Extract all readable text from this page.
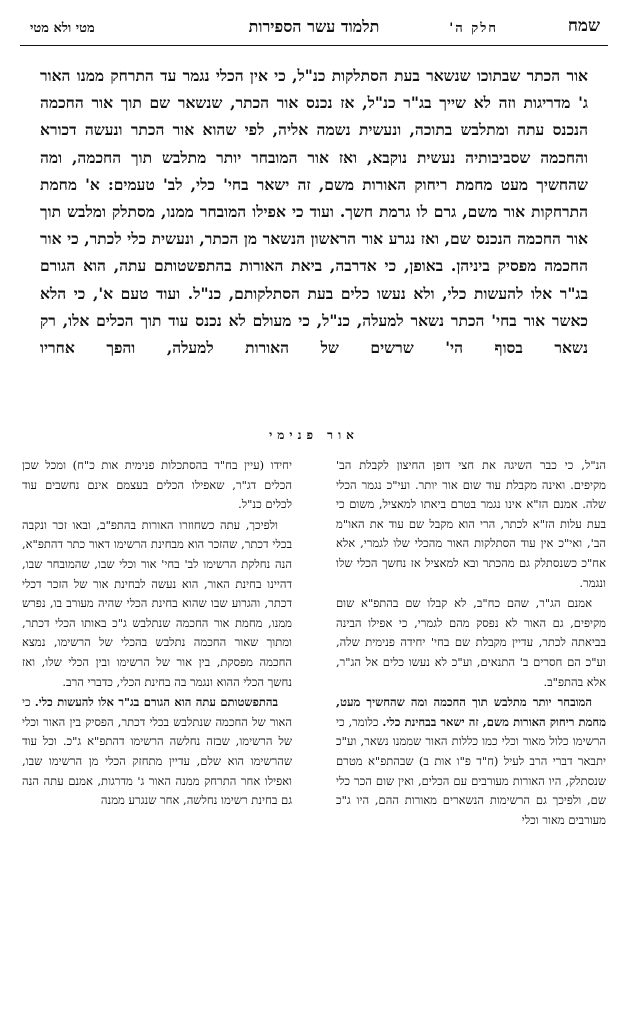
שמח
חלק ה'
תלמוד עשר הספירות
מטי ולא מטי
אור הכתר שבתוכו שנשאר בעת הסתלקות כנ"ל, כי אין הכלי נגמר עד התרחק ממנו האור ג' מדריגות וזה לא שייך בג"ר כנ"ל, אז נכנס אור הכתר, שנשאר שם תוך אור החכמה הנכנס עתה ומתלבש בתוכה, ונעשית נשמה אליה, לפי שהוא אור הכתר ונעשה דכורא והחכמה שסביבותיה נעשית נוקבא, ואז אור המובחר יותר מתלבש תוך החכמה, ומה שהחשיך מעט מחמת ריחוק האורות משם, זה ישאר בחי' כלי, לב' טעמים: א' מחמת התרחקות אור משם, גרם לו גרמת חשך. ועוד כי אפילו המובחר ממנו, מסתלק ומלבש תוך אור החכמה הנכנס שם, ואז נגרע אור הראשון הנשאר מן הכתר, ונעשית כלי לכתר, כי אור החכמה מפסיק ביניהן. באופן, כי אדרבה, ביאת האורות בהתפשטותם עתה, הוא הגורם בג"ר אלו להעשות כלי, ולא נעשו כלים בעת הסתלקותם, כנ"ל. ועוד טעם א', כי הלא כאשר אור בחי' הכתר נשאר למעלה, כנ"ל, כי מעולם לא נכנס עוד תוך הכלים אלו, רק נשאר בסוף הי' שרשים של האורות למעלה, והפך אחריו
אור פנימי

הנ"ל, כי כבר השיגה את חצי דופן החיצון לקבלת הב' מקיפים. ואינה מקבלת עוד שום אור יותר. ועי"כ נגמר הכלי שלה. אמנם הז"א אינו נגמר בטרם ביאתו למאציל, משום כי בעת עלות הז"א לכתר, הרי הוא מקבל שם עוד את האו"מ הב', ואי"כ אין עוד הסתלקות האור מהכלי שלו לגמרי, אלא אח"כ כשנסתלק גם מהכתר ובא למאציל אז נחשך הכלי שלו ונגמר.

אמנם הג"ר, שהם כח"ב, לא קבלו שם בהתפ"א שום מקיפים, גם האור לא נפסק מהם לגמרי, כי אפילו הבינה בביאתה לכתר, עדיין מקבלת שם בחי' יחידה פנימית שלה, וע"כ הם חסרים ב' התנאים, וע"כ לא נעשו כלים אל הג"ר, אלא בהתפ"ב.

המובחר יותר מתלבש תוך החכמה ומה שהחשיך מעט, מחמת ריחוק האורות משם, זה ישאר בבחינת כלי. כלומר, כי הרשימו כלול מאור וכלי כמו כללות האור שממנו נשאר, וע"כ יתבאר דברי הרב לעיל (ח"ד פ"ו אות ב) שבהתפ"א מטרם שנסתלק, היו האורות מעורבים עם הכלים, ואין שום הכר כלי שם, ולפיכך גם הרשימות הנשארים מאורות ההם, היו ג"כ מעורבים מאור וכלי

יחידו (עיין בח"ד בהסתכלות פנימית אות כ"ח) ומכל שכן הכלים דג"ר, שאפילו הכלים בעצמם אינם נחשבים עוד לכלים כנ"ל.

ולפיכך, עתה כשחוזרו האורות בהתפ"ב, ובאו זכר ונקבה בכלי דכתר, שהזכר הוא מבחינת הרשימו דאור כתר דהתפ"א, הנה נחלקת הרשימו לב' בחי' אור וכלי שבו, שהמובחר שבו, דהיינו בחינת האור, הוא נעשה לבחינת אור של הזכר דכלי דכתר, והגרוע שבו שהוא בחינת הכלי שהיה מעורב בו, נפרש ממנו, מחמת אור החכמה שנתלבש ג"כ באותו הכלי דכתר, ומתוך שאור החכמה נתלבש בהכלי של הרשימו, נמצא החכמה מפסקת, בין אור של הרשימו ובין הכלי שלו, ואז נחשך הכלי ההוא ונגמר בה בחינת הכלי, כדברי הרב.

בהתפשטותם עתה הוא הגורם בג"ר אלו להעשות כלי. כי האור של החכמה שנתלבש בכלי דכתר, הפסיק בין האור וכלי של הרשימו, שבזה נחלשה הרשימו דהתפ"א ג"כ. וכל עוד שהרשימו הוא שלם, עדיין מתחזק הכלי מן הרשימו שבו, ואפילו אחר התרחק ממנה האור ג' מדרגות, אמנם עתה הנה גם בחינת רשימו נחלשה, אחר שנגרע ממנה
